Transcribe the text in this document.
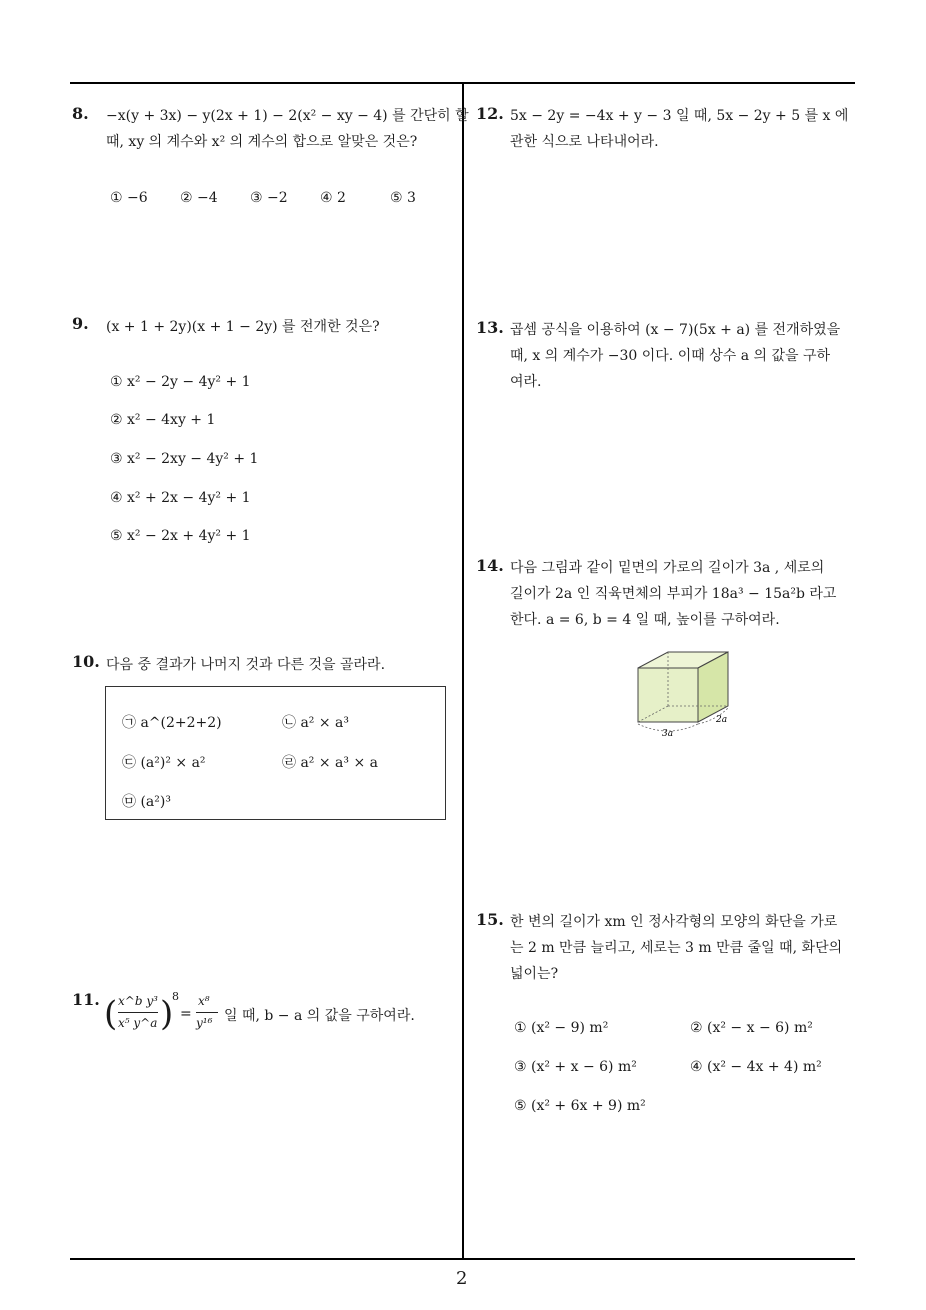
8. −x(y + 3x) − y(2x + 1) − 2(x² − xy − 4) 를 간단히 할
때, xy 의 계수와 x² 의 계수의 합으로 알맞은 것은?
① −6 ② −4 ③ −2 ④ 2	⑤ 3
9. (x + 1 + 2y)(x + 1 − 2y) 를 전개한 것은?
① x² − 2y − 4y² + 1
② x² − 4xy + 1
③ x² − 2xy − 4y² + 1
④ x² + 2x − 4y² + 1
⑤ x² − 2x + 4y² + 1
10. 다음 중 결과가 나머지 것과 다른 것을 골라라.
㉠ a^(2+2+2)	㉡ a² × a³
㉢ (a²)² × a²	㉣ a² × a³ × a
㉤ (a²)³
11. ( x^b y³
x⁵ y^a )
8
=
x⁸
y¹⁶ 일 때, b − a 의 값을 구하여라.
12. 5x − 2y = −4x + y − 3 일 때, 5x − 2y + 5 를 x 에
관한 식으로 나타내어라.
13. 곱셈 공식을 이용하여 (x − 7)(5x + a) 를 전개하였을
때, x 의 계수가 −30 이다. 이때 상수 a 의 값을 구하
여라.
14. 다음 그림과 같이 밑면의 가로의 길이가 3a , 세로의
길이가 2a 인 직육면체의 부피가 18a³ − 15a²b 라고
한다. a = 6, b = 4 일 때, 높이를 구하여라.
3a
2a
15. 한 변의 길이가 xm 인 정사각형의 모양의 화단을 가로
는 2 m 만큼 늘리고, 세로는 3 m 만큼 줄일 때, 화단의
넓이는?
① (x² − 9) m²	② (x² − x − 6) m²
③ (x² + x − 6) m²	④ (x² − 4x + 4) m²
⑤ (x² + 6x + 9) m²
2
